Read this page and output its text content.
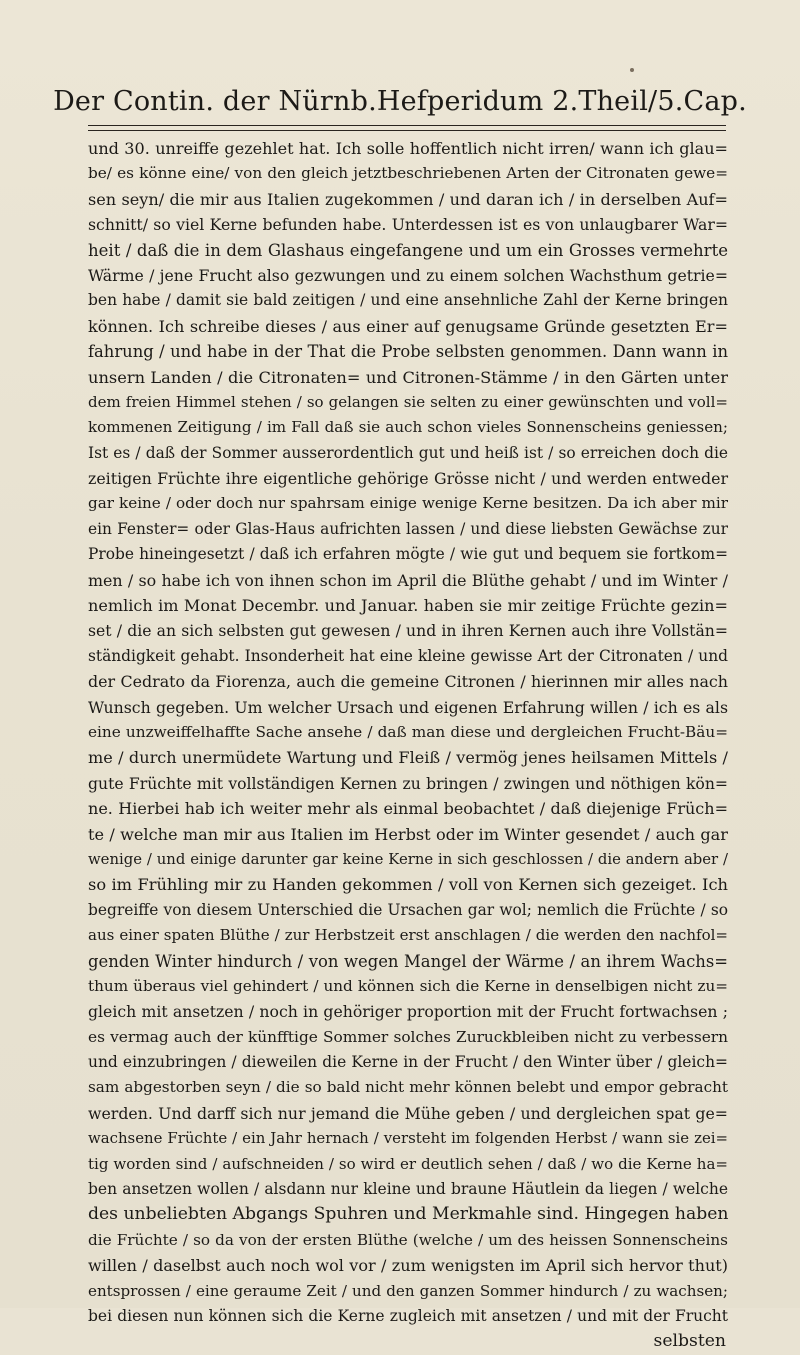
Der Contin. der Nürnb.Hefperidum 2.Theil/5.Cap.
und 30. unreiffe gezehlet hat. Ich solle hoffentlich nicht irren/ wann ich glau=
be/ es könne eine/ von den gleich jetztbeschriebenen Arten der Citronaten gewe=
sen seyn/ die mir aus Italien zugekommen / und daran ich / in derselben Auf=
schnitt/ so viel Kerne befunden habe. Unterdessen ist es von unlaugbarer War=
heit / daß die in dem Glashaus eingefangene und um ein Grosses vermehrte
Wärme / jene Frucht also gezwungen und zu einem solchen Wachsthum getrie=
ben habe / damit sie bald zeitigen / und eine ansehnliche Zahl der Kerne bringen
können. Ich schreibe dieses / aus einer auf genugsame Gründe gesetzten Er=
fahrung / und habe in der That die Probe selbsten genommen. Dann wann in
unsern Landen / die Citronaten= und Citronen-Stämme / in den Gärten unter
dem freien Himmel stehen / so gelangen sie selten zu einer gewünschten und voll=
kommenen Zeitigung / im Fall daß sie auch schon vieles Sonnenscheins geniessen;
Ist es / daß der Sommer ausserordentlich gut und heiß ist / so erreichen doch die
zeitigen Früchte ihre eigentliche gehörige Grösse nicht / und werden entweder
gar keine / oder doch nur spahrsam einige wenige Kerne besitzen. Da ich aber mir
ein Fenster= oder Glas-Haus aufrichten lassen / und diese liebsten Gewächse zur
Probe hineingesetzt / daß ich erfahren mögte / wie gut und bequem sie fortkom=
men / so habe ich von ihnen schon im April die Blüthe gehabt / und im Winter /
nemlich im Monat Decembr. und Januar. haben sie mir zeitige Früchte gezin=
set / die an sich selbsten gut gewesen / und in ihren Kernen auch ihre Vollstän=
ständigkeit gehabt. Insonderheit hat eine kleine gewisse Art der Citronaten / und
der Cedrato da Fiorenza, auch die gemeine Citronen / hierinnen mir alles nach
Wunsch gegeben. Um welcher Ursach und eigenen Erfahrung willen / ich es als
eine unzweiffelhaffte Sache ansehe / daß man diese und dergleichen Frucht-Bäu=
me / durch unermüdete Wartung und Fleiß / vermög jenes heilsamen Mittels /
gute Früchte mit vollständigen Kernen zu bringen / zwingen und nöthigen kön=
ne. Hierbei hab ich weiter mehr als einmal beobachtet / daß diejenige Früch=
te / welche man mir aus Italien im Herbst oder im Winter gesendet / auch gar
wenige / und einige darunter gar keine Kerne in sich geschlossen / die andern aber /
so im Frühling mir zu Handen gekommen / voll von Kernen sich gezeiget. Ich
begreiffe von diesem Unterschied die Ursachen gar wol; nemlich die Früchte / so
aus einer spaten Blüthe / zur Herbstzeit erst anschlagen / die werden den nachfol=
genden Winter hindurch / von wegen Mangel der Wärme / an ihrem Wachs=
thum überaus viel gehindert / und können sich die Kerne in denselbigen nicht zu=
gleich mit ansetzen / noch in gehöriger proportion mit der Frucht fortwachsen ;
es vermag auch der künfftige Sommer solches Zuruckbleiben nicht zu verbessern
und einzubringen / dieweilen die Kerne in der Frucht / den Winter über / gleich=
sam abgestorben seyn / die so bald nicht mehr können belebt und empor gebracht
werden. Und darff sich nur jemand die Mühe geben / und dergleichen spat ge=
wachsene Früchte / ein Jahr hernach / versteht im folgenden Herbst / wann sie zei=
tig worden sind / aufschneiden / so wird er deutlich sehen / daß / wo die Kerne ha=
ben ansetzen wollen / alsdann nur kleine und braune Häutlein da liegen / welche
des unbeliebten Abgangs Spuhren und Merkmahle sind. Hingegen haben
die Früchte / so da von der ersten Blüthe (welche / um des heissen Sonnenscheins
willen / daselbst auch noch wol vor / zum wenigsten im April sich hervor thut)
entsprossen / eine geraume Zeit / und den ganzen Sommer hindurch / zu wachsen;
bei diesen nun können sich die Kerne zugleich mit ansetzen / und mit der Frucht
selbsten
